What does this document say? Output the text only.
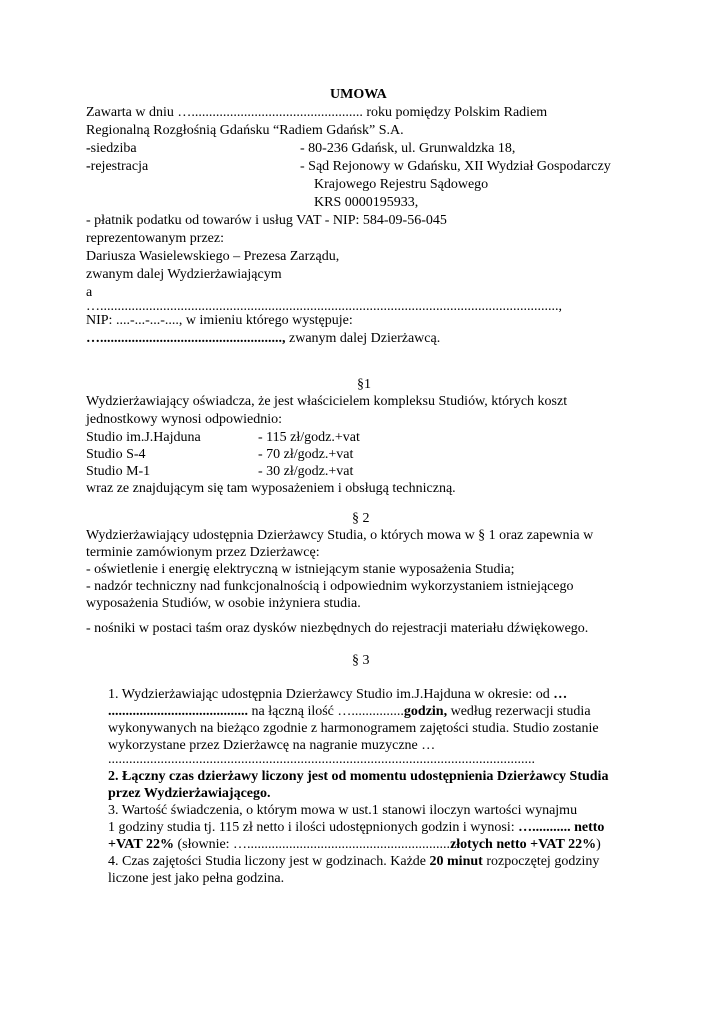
UMOWA
Zawarta w dniu …................................................. roku pomiędzy Polskim Radiem
Regionalną Rozgłośnią Gdańsku “Radiem Gdańsk” S.A.
-siedziba	- 80-236 Gdańsk, ul. Grunwaldzka 18,
-rejestracja	- Sąd Rejonowy w Gdańsku, XII Wydział Gospodarczy
Krajowego Rejestru Sądowego
KRS 0000195933,
- płatnik podatku od towarów i usług VAT - NIP: 584-09-56-045
reprezentowanym przez:
Dariusza Wasielewskiego – Prezesa Zarządu,
zwanym dalej Wydzierżawiającym
a
…...................................................................................................................................,
NIP: ....-...-...-...., w imieniu którego występuje:
…...................................................., zwanym dalej Dzierżawcą.
§1
Wydzierżawiający oświadcza, że jest właścicielem kompleksu Studiów, których koszt
jednostkowy wynosi odpowiednio:
Studio im.J.Hajduna	- 115 zł/godz.+vat
Studio S-4	- 70 zł/godz.+vat
Studio M-1	- 30 zł/godz.+vat
wraz ze znajdującym się tam wyposażeniem i obsługą techniczną.
§ 2
Wydzierżawiający udostępnia Dzierżawcy Studia, o których mowa w § 1 oraz zapewnia w
terminie zamówionym przez Dzierżawcę:
- oświetlenie i energię elektryczną w istniejącym stanie wyposażenia Studia;
- nadzór techniczny nad funkcjonalnością i odpowiednim wykorzystaniem istniejącego
wyposażenia Studiów, w osobie inżyniera studia.
- nośniki w postaci taśm oraz dysków niezbędnych do rejestracji materiału dźwiękowego.
§ 3
1. Wydzierżawiając udostępnia Dzierżawcy Studio im.J.Hajduna w okresie: od …
........................................ na łączną ilość …...............godzin, według rezerwacji studia
wykonywanych na bieżąco zgodnie z harmonogramem zajętości studia. Studio zostanie
wykorzystane przez Dzierżawcę na nagranie muzyczne …
..........................................................................................................................
2. Łączny czas dzierżawy liczony jest od momentu udostępnienia Dzierżawcy Studia
przez Wydzierżawiającego.
3. Wartość świadczenia, o którym mowa w ust.1 stanowi iloczyn wartości wynajmu
1 godziny studia tj. 115 zł netto i ilości udostępnionych godzin i wynosi: …........... netto
+VAT 22% (słownie: …..........................................................złotych netto +VAT 22%)
4. Czas zajętości Studia liczony jest w godzinach. Każde 20 minut rozpoczętej godziny
liczone jest jako pełna godzina.
